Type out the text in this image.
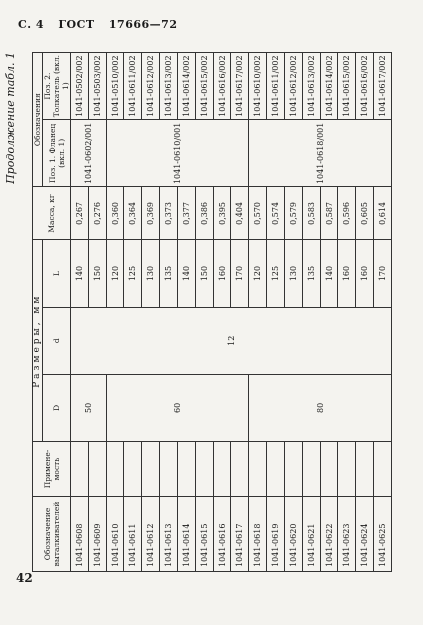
С. 4 ГОСТ 17666—72
Продолжение табл. 1
Обозначение выталкивателей	Примене-мость	Размеры, мм			Масса, кг	Обозначения	
		D	d	L		Поз. 1. Фланец (вкл. 1)	Поз. 2. Толкатель (вкл. 1)
1041-0608		50	12	140	0,267	1041-0602/001	1041-0502/002
1041-0609				150	0,276		1041-0503/002
1041-0610		60		120	0,360	1041-0610/001	1041-0510/002
1041-0611				125	0,364		1041-0611/002
1041-0612				130	0,369		1041-0612/002
1041-0613				135	0,373		1041-0613/002
1041-0614				140	0,377		1041-0614/002
1041-0615				150	0,386		1041-0615/002
1041-0616				160	0,395		1041-0616/002
1041-0617				170	0,404		1041-0617/002
1041-0618		80		120	0,570	1041-0618/001	1041-0610/002
1041-0619				125	0,574		1041-0611/002
1041-0620				130	0,579		1041-0612/002
1041-0621				135	0,583		1041-0613/002
1041-0622				140	0,587		1041-0614/002
1041-0623				160	0,596		1041-0615/002
1041-0624				160	0,605		1041-0616/002
1041-0625				170	0,614		1041-0617/002
42
